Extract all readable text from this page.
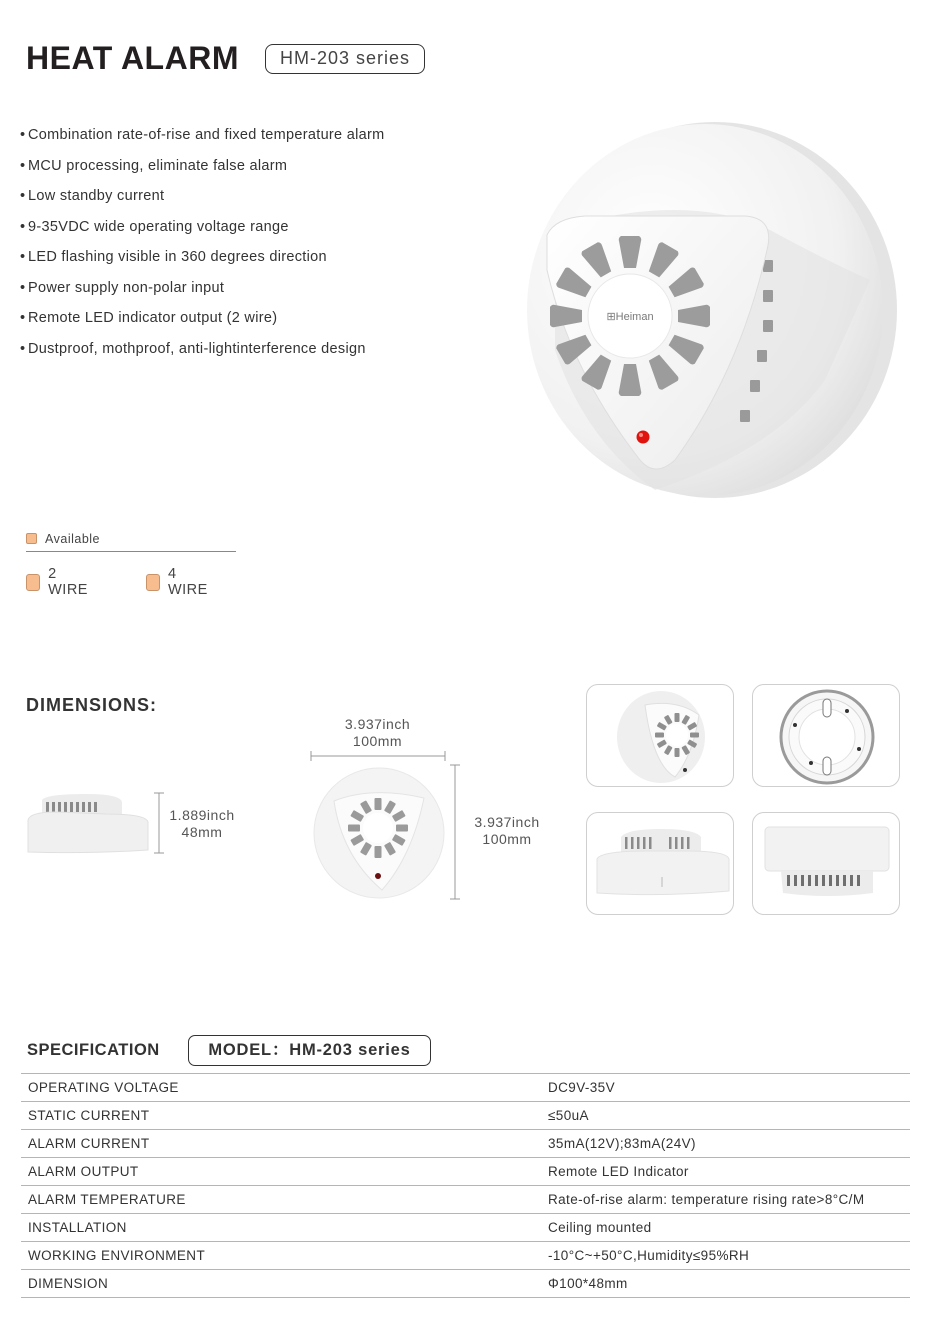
HEAT ALARM	HM-203 series
• Combination rate-of-rise and fixed temperature alarm
• MCU processing, eliminate false alarm
• Low standby current
• 9-35VDC wide operating voltage range
• LED flashing visible in 360 degrees direction
• Power supply non-polar input
• Remote LED indicator output (2 wire)
• Dustproof, mothproof, anti-lightinterference design
⊞Heiman
Available
2 WIRE
4 WIRE
DIMENSIONS:
1.889inch
48mm
3.937inch
100mm
3.937inch
100mm
SPECIFICATION	MODEL：HM-203 series
OPERATING VOLTAGE	DC9V-35V
STATIC CURRENT	≤50uA
ALARM CURRENT	35mA(12V);83mA(24V)
ALARM OUTPUT	Remote LED Indicator
ALARM TEMPERATURE	Rate-of-rise alarm: temperature rising rate>8°C/M
INSTALLATION	Ceiling mounted
WORKING ENVIRONMENT	-10°C~+50°C,Humidity≤95%RH
DIMENSION	Φ100*48mm
